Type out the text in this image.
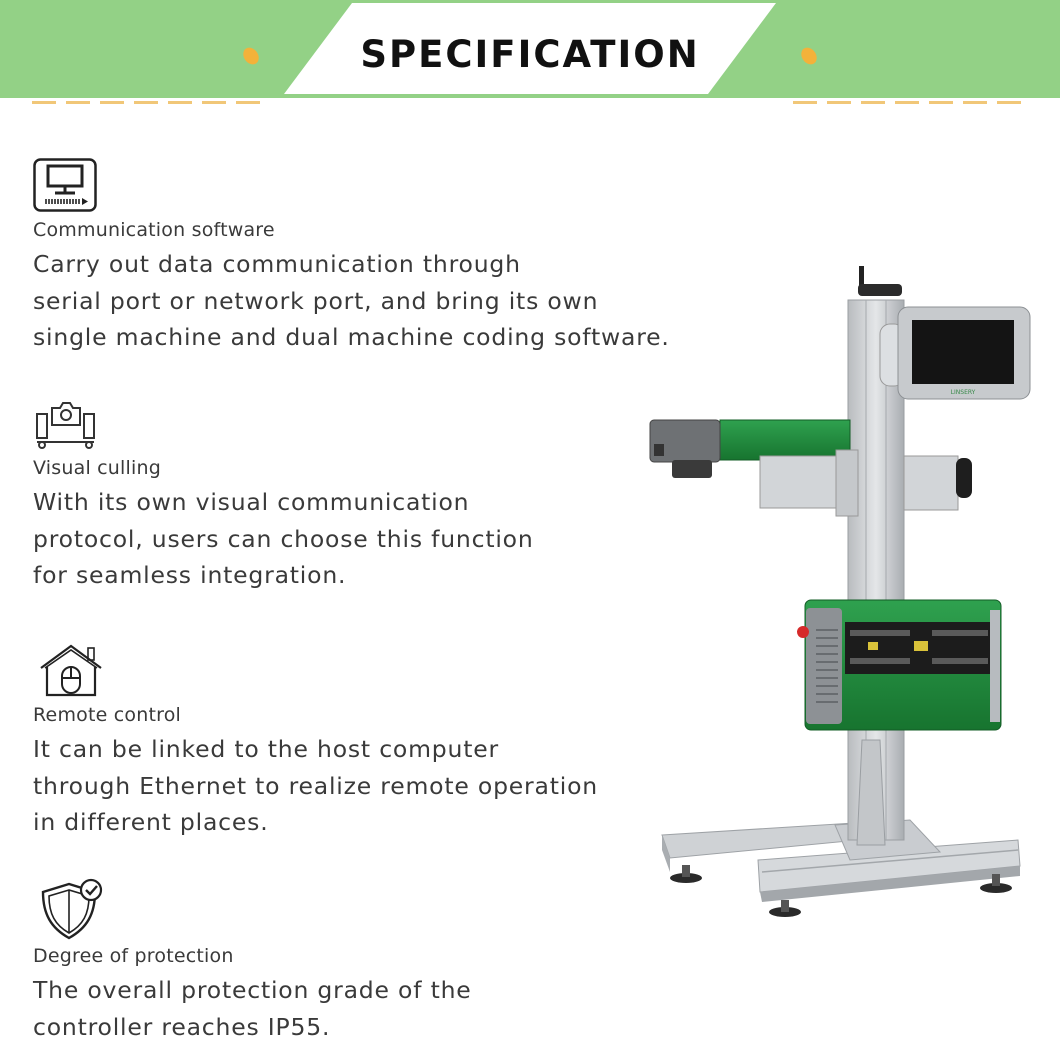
SPECIFICATION
Communication software

Carry out data communication through
serial port or network port, and bring its own
single machine and dual machine coding software.

Visual culling

With its own visual communication
protocol, users can choose this function
for seamless integration.

Remote control

It can be linked to the host computer
through Ethernet to realize remote operation
in different places.

Degree of protection

The overall protection grade of the
controller reaches IP55.

LINSERY
